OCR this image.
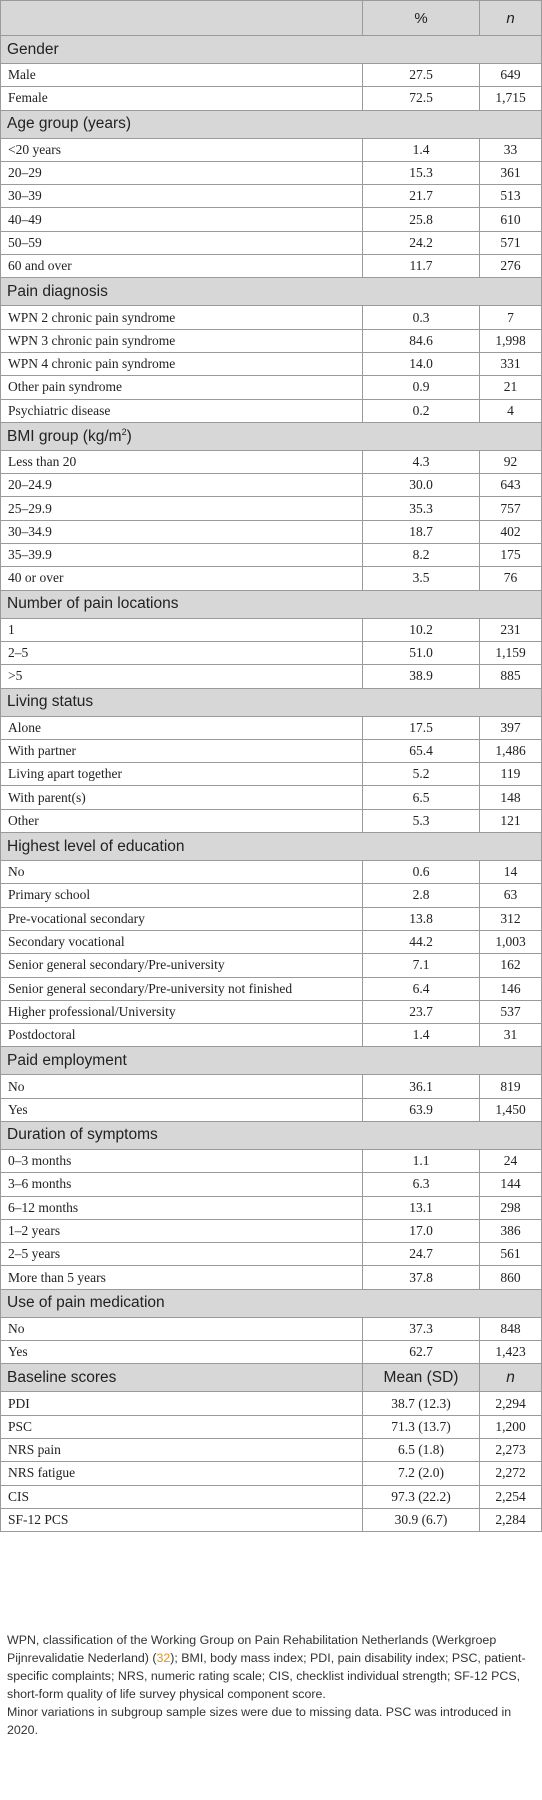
	%	n
Gender		
Male	27.5	649
Female	72.5	1,715
Age group (years)		
<20 years	1.4	33
20–29	15.3	361
30–39	21.7	513
40–49	25.8	610
50–59	24.2	571
60 and over	11.7	276
Pain diagnosis		
WPN 2 chronic pain syndrome	0.3	7
WPN 3 chronic pain syndrome	84.6	1,998
WPN 4 chronic pain syndrome	14.0	331
Other pain syndrome	0.9	21
Psychiatric disease	0.2	4
BMI group $(kg/m^2)$		
Less than 20	4.3	92
20–24.9	30.0	643
25–29.9	35.3	757
30–34.9	18.7	402
35–39.9	8.2	175
40 or over	3.5	76
Number of pain locations		
1	10.2	231
2–5	51.0	1,159
>5	38.9	885
Living status		
Alone	17.5	397
With partner	65.4	1,486
Living apart together	5.2	119
With parent(s)	6.5	148
Other	5.3	121
Highest level of education		
No	0.6	14
Primary school	2.8	63
Pre-vocational secondary	13.8	312
Secondary vocational	44.2	1,003
Senior general secondary/Pre-university	7.1	162
Senior general secondary/Pre-university not finished	6.4	146
Higher professional/University	23.7	537
Postdoctoral	1.4	31
Paid employment		
No	36.1	819
Yes	63.9	1,450
Duration of symptoms		
0–3 months	1.1	24
3–6 months	6.3	144
6–12 months	13.1	298
1–2 years	17.0	386
2–5 years	24.7	561
More than 5 years	37.8	860
Use of pain medication		
No	37.3	848
Yes	62.7	1,423
Baseline scores	Mean (SD)	n
PDI	38.7 (12.3)	2,294
PSC	71.3 (13.7)	1,200
NRS pain	6.5 (1.8)	2,273
NRS fatigue	7.2 (2.0)	2,272
CIS	97.3 (22.2)	2,254
SF-12 PCS	30.9 (6.7)	2,284

WPN, classification of the Working Group on Pain Rehabilitation Netherlands (Werkgroep Pijnrevalidatie Nederland) (32); BMI, body mass index; PDI, pain disability index; PSC, patient-specific complaints; NRS, numeric rating scale; CIS, checklist individual strength; SF-12 PCS, short-form quality of life survey physical component score.

Minor variations in subgroup sample sizes were due to missing data. PSC was introduced in 2020.
